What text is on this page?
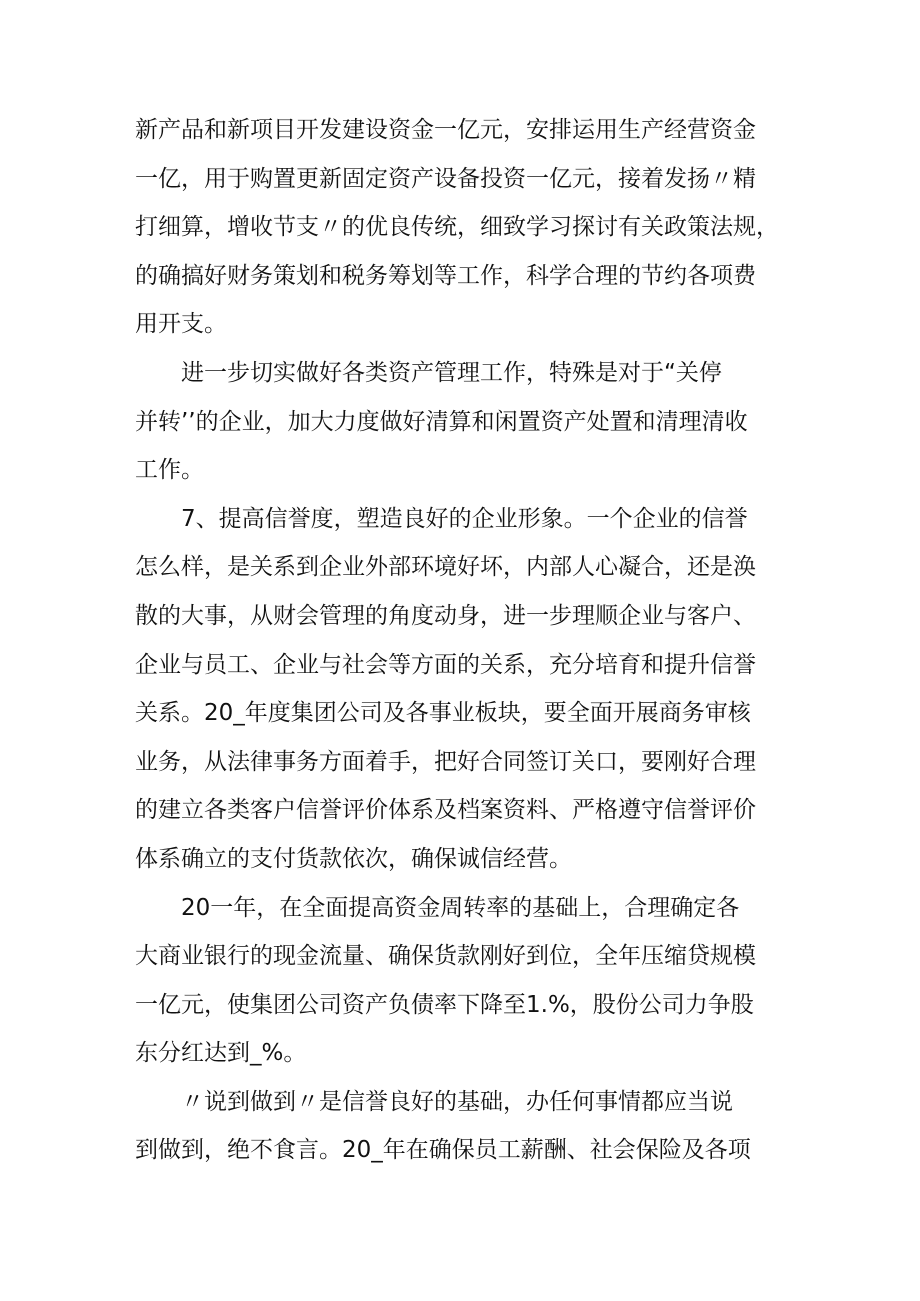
新产品和新项目开发建设资金一亿元，安排运用生产经营资金
一亿，用于购置更新固定资产设备投资一亿元，接着发扬〃精
打细算，增收节支〃的优良传统，细致学习探讨有关政策法规，
的确搞好财务策划和税务筹划等工作，科学合理的节约各项费
用开支。
进一步切实做好各类资产管理工作，特殊是对于“关停
并转’’的企业，加大力度做好清算和闲置资产处置和清理清收
工作。
7、提高信誉度，塑造良好的企业形象。一个企业的信誉
怎么样，是关系到企业外部环境好坏，内部人心凝合，还是涣
散的大事，从财会管理的角度动身，进一步理顺企业与客户、
企业与员工、企业与社会等方面的关系，充分培育和提升信誉
关系。20_年度集团公司及各事业板块，要全面开展商务审核
业务，从法律事务方面着手，把好合同签订关口，要刚好合理
的建立各类客户信誉评价体系及档案资料、严格遵守信誉评价
体系确立的支付货款依次，确保诚信经营。
20一年，在全面提高资金周转率的基础上，合理确定各
大商业银行的现金流量、确保货款刚好到位，全年压缩贷规模
一亿元，使集团公司资产负债率下降至1.%，股份公司力争股
东分红达到_%。
〃说到做到〃是信誉良好的基础，办任何事情都应当说
到做到，绝不食言。20_年在确保员工薪酬、社会保险及各项
